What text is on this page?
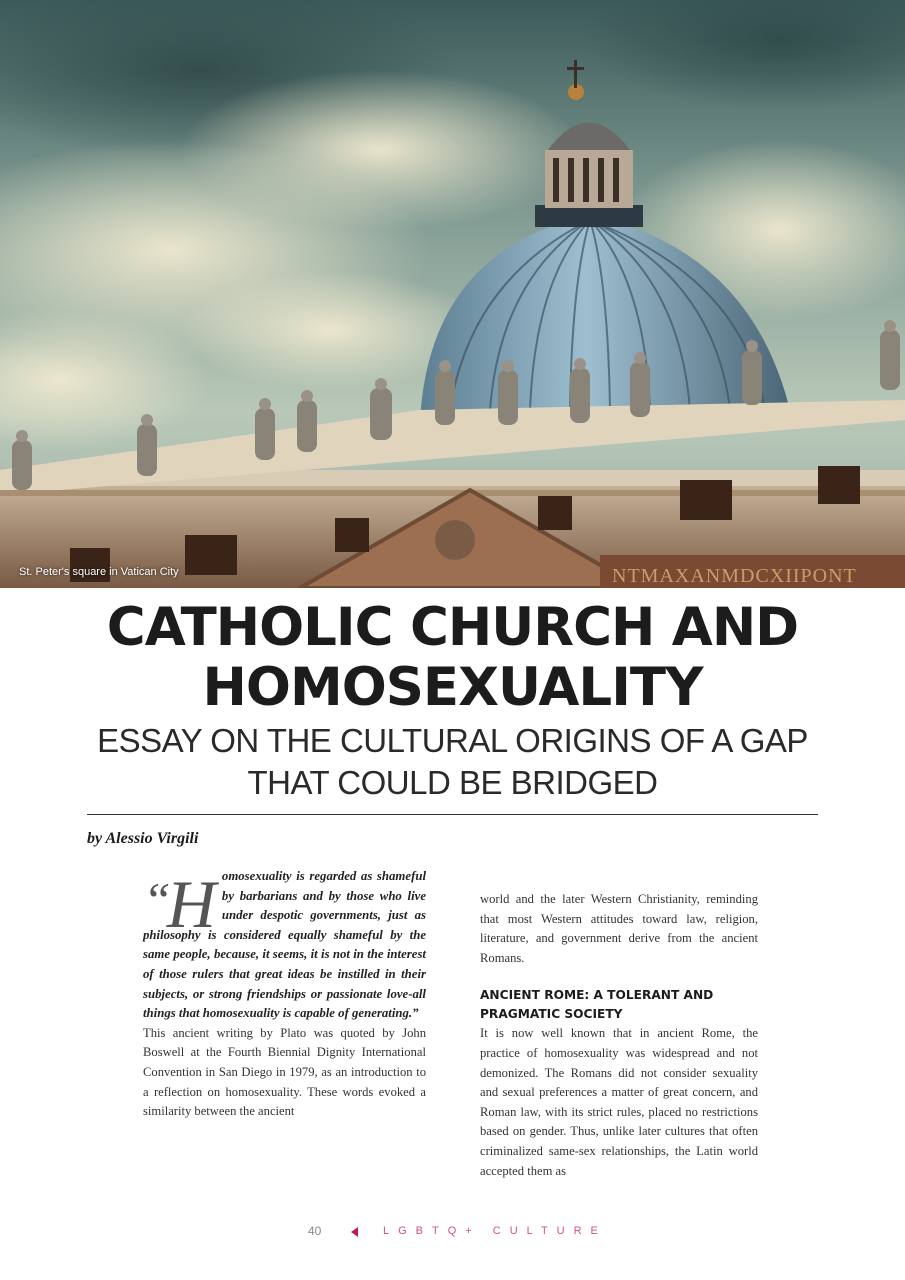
NTMAXANMDCXIIPONT
St. Peter's square in Vatican City
CATHOLIC CHURCH AND
HOMOSEXUALITY
ESSAY ON THE CULTURAL ORIGINS OF A GAP
THAT COULD BE BRIDGED
by Alessio Virgili
“H omosexuality is regarded as shameful by barbarians and by those who live under despotic governments, just as philosophy is considered equally shameful by the same people, because, it seems, it is not in the interest of those rulers that great ideas be instilled in their subjects, or strong friendships or passionate love-all things that homosexuality is capable of generating.”

This ancient writing by Plato was quoted by John Boswell at the Fourth Biennial Dignity International Convention in San Diego in 1979, as an introduction to a reflection on homosexuality. These words evoked a similarity between the ancient

world and the later Western Christianity, reminding that most Western attitudes toward law, religion, literature, and government derive from the ancient Romans.

ANCIENT ROME: A TOLERANT AND
PRAGMATIC SOCIETY

It is now well known that in ancient Rome, the practice of homosexuality was widespread and not demonized. The Romans did not consider sexuality and sexual preferences a matter of great concern, and Roman law, with its strict rules, placed no restrictions based on gender. Thus, unlike later cultures that often criminalized same-sex relationships, the Latin world accepted them as

40	LGBTQ+ CULTURE
